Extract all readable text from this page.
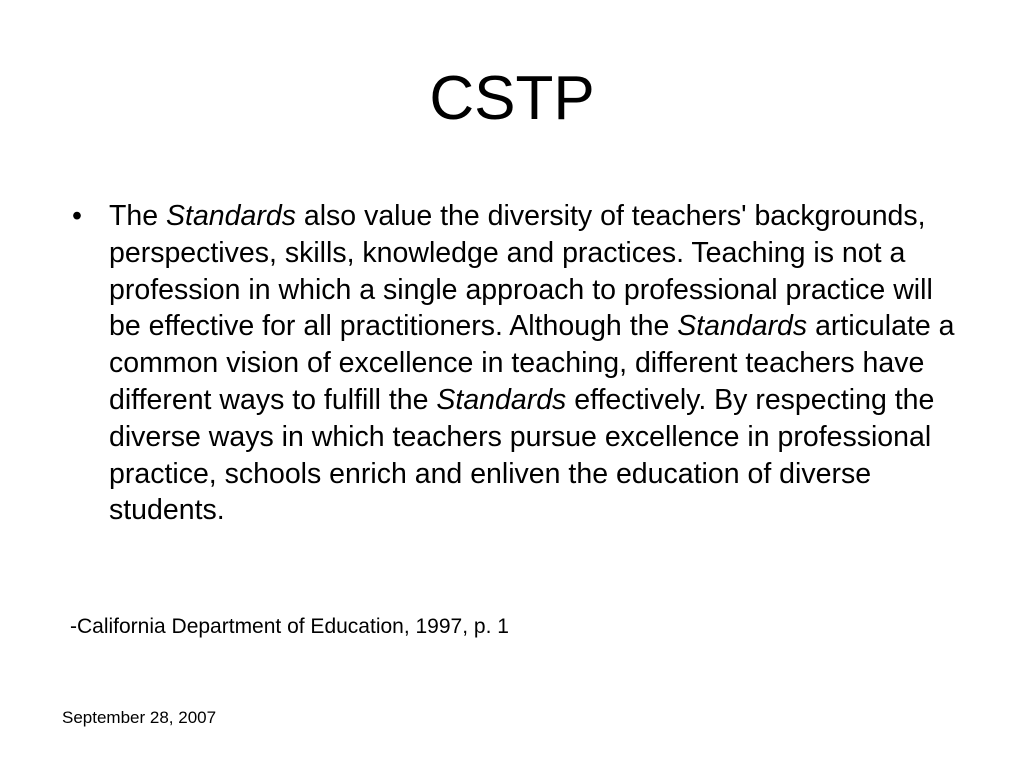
CSTP
• The Standards also value the diversity of teachers' backgrounds, perspectives, skills, knowledge and practices. Teaching is not a profession in which a single approach to professional practice will be effective for all practitioners. Although the Standards articulate a common vision of excellence in teaching, different teachers have different ways to fulfill the Standards effectively. By respecting the diverse ways in which teachers pursue excellence in professional practice, schools enrich and enliven the education of diverse students.

-California Department of Education, 1997, p. 1

September 28, 2007
